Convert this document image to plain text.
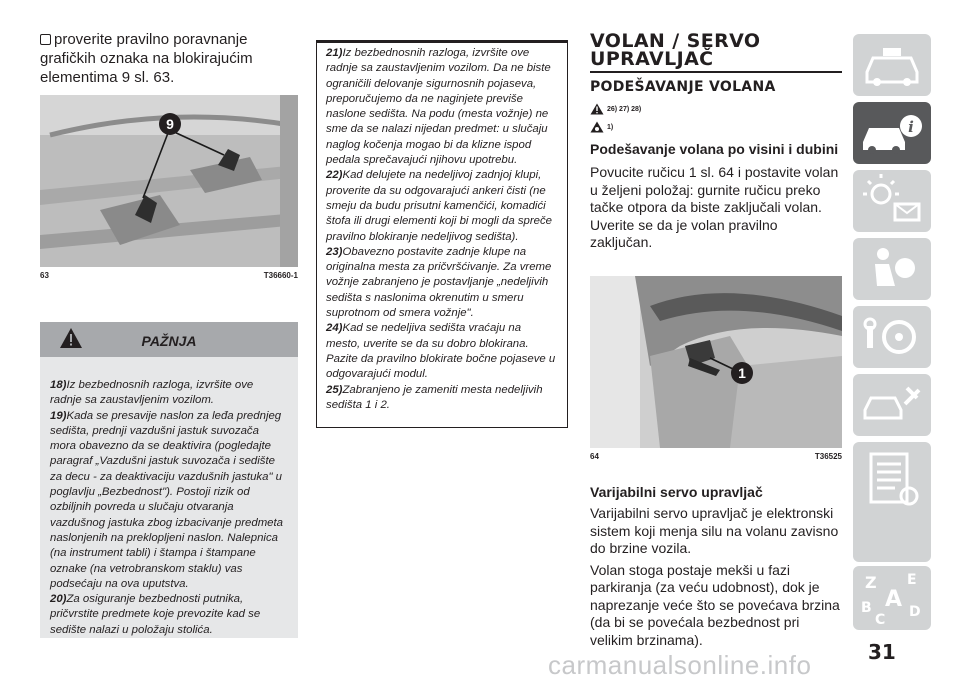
proverite pravilno poravnanje grafičkih oznaka na blokirajućim elementima 9 sl. 63.

9
63	T36660-1
PAŽNJA

18)Iz bezbednosnih razloga, izvršite ove radnje sa zaustavljenim vozilom.

19)Kada se presavije naslon za leđa prednjeg sedišta, prednji vazdušni jastuk suvozača mora obavezno da se deaktivira (pogledajte paragraf „Vazdušni jastuk suvozača i sedište za decu - za deaktivaciju vazdušnih jastuka" u poglavlju „Bezbednost"). Postoji rizik od ozbiljnih povreda u slučaju otvaranja vazdušnog jastuka zbog izbacivanje predmeta naslonjenih na preklopljeni naslon. Nalepnica (na instrument tabli) i štampa i štampane oznake (na vetrobranskom staklu) vas podsećaju na ova uputstva.

20)Za osiguranje bezbednosti putnika, pričvrstite predmete koje prevozite kad se sedište nalazi u položaju stolića.

21)Iz bezbednosnih razloga, izvršite ove radnje sa zaustavljenim vozilom. Da ne biste ograničili delovanje sigurnosnih pojaseva, preporučujemo da ne naginjete previše naslone sedišta. Na podu (mesta vožnje) ne sme da se nalazi nijedan predmet: u slučaju naglog kočenja mogao bi da klizne ispod pedala sprečavajući njihovu upotrebu.

22)Kad delujete na nedeljivoj zadnjoj klupi, proverite da su odgovarajući ankeri čisti (ne smeju da budu prisutni kamenčići, komadići štofa ili drugi elementi koji bi mogli da spreče pravilno blokiranje nedeljivog sedišta).

23)Obavezno postavite zadnje klupe na originalna mesta za pričvršćivanje. Za vreme vožnje zabranjeno je postavljanje „nedeljivih sedišta s naslonima okrenutim u smeru suprotnom od smera vožnje".

24)Kad se nedeljiva sedišta vraćaju na mesto, uverite se da su dobro blokirana. Pazite da pravilno blokirate bočne pojaseve u odgovarajući modul.

25)Zabranjeno je zameniti mesta nedeljivih sedišta 1 i 2.

VOLAN / SERVO UPRAVLJAČ
PODEŠAVANJE VOLANA
26) 27) 28)
1)
Podešavanje volana po visini i dubini

Povucite ručicu 1 sl. 64 i postavite volan u željeni položaj: gurnite ručicu preko tačke otpora da biste zaključali volan. Uverite se da je volan pravilno zaključan.

1
64	T36525
Varijabilni servo upravljač

Varijabilni servo upravljač je elektronski sistem koji menja silu na volanu zavisno do brzine vozila.

Volan stoga postaje mekši u fazi parkiranja (za veću udobnost), dok je naprezanje veće što se povećava brzina (da bi se povećala bezbednost pri velikim brzinama).

i
Z E
A
B
C D
31
carmanualsonline.info
